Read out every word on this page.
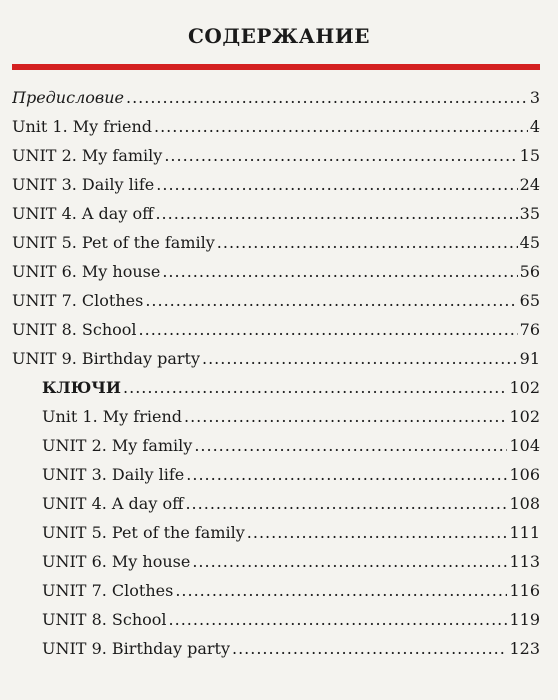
СОДЕРЖАНИЕ
Предисловие .....	3
Unit 1. My friend .....	4
UNIT 2. My family .....	15
UNIT 3. Daily life .....	24
UNIT 4. A day off .....	35
UNIT 5. Pet of the family .....	45
UNIT 6. My house .....	56
UNIT 7. Clothes .....	65
UNIT 8. School .....	76
UNIT 9. Birthday party .....	91
КЛЮЧИ .....	102
Unit 1. My friend .....	102
UNIT 2. My family .....	104
UNIT 3. Daily life .....	106
UNIT 4. A day off .....	108
UNIT 5. Pet of the family .....	111
UNIT 6. My house .....	113
UNIT 7. Clothes .....	116
UNIT 8. School .....	119
UNIT 9. Birthday party .....	123
